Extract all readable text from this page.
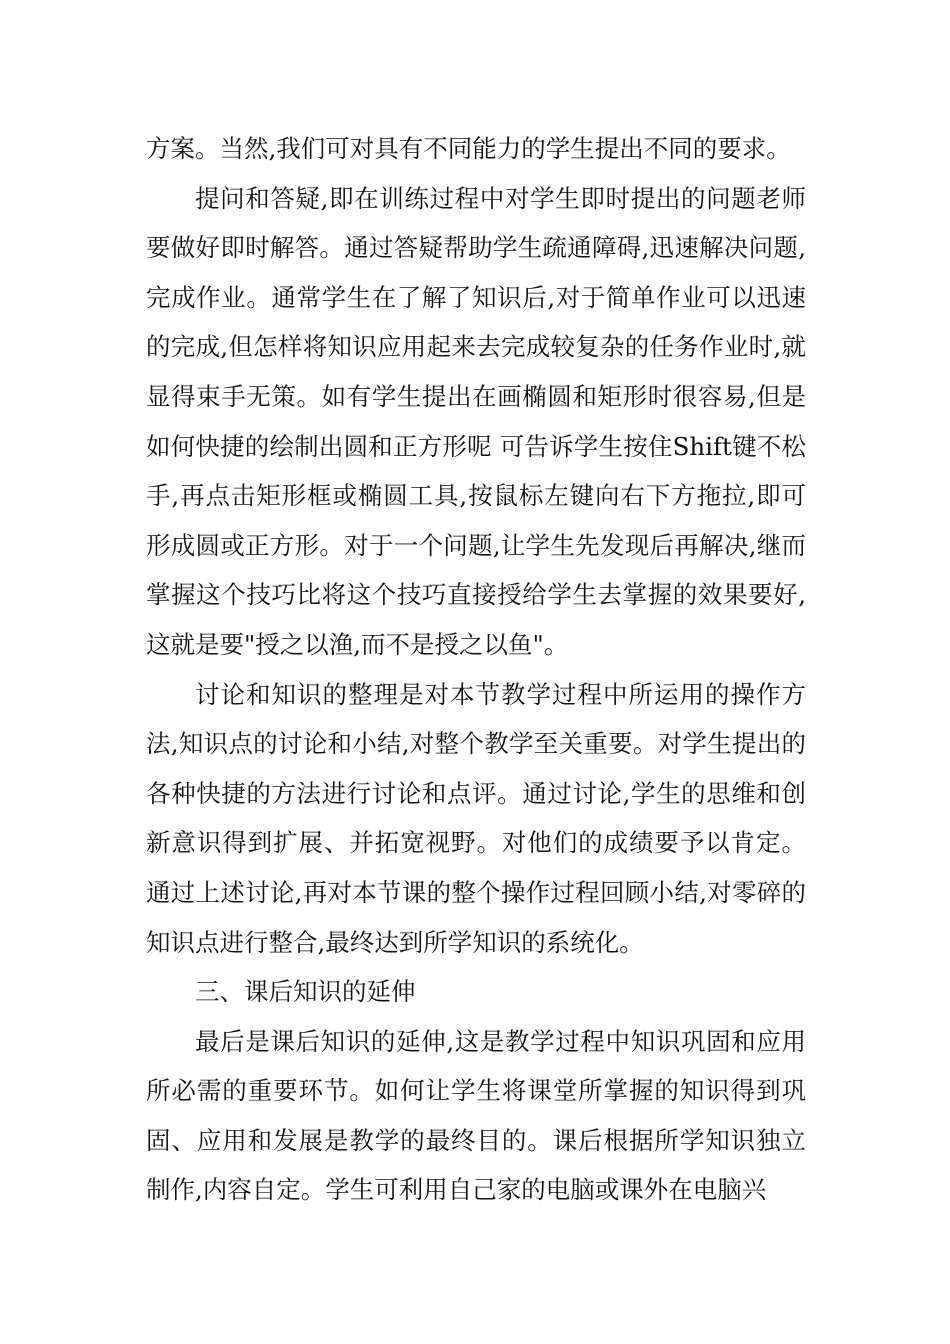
方案。当然,我们可对具有不同能力的学生提出不同的要求。

提问和答疑,即在训练过程中对学生即时提出的问题老师要做好即时解答。通过答疑帮助学生疏通障碍,迅速解决问题,完成作业。通常学生在了解了知识后,对于简单作业可以迅速的完成,但怎样将知识应用起来去完成较复杂的任务作业时,就显得束手无策。如有学生提出在画椭圆和矩形时很容易,但是如何快捷的绘制出圆和正方形呢 可告诉学生按住Shift键不松手,再点击矩形框或椭圆工具,按鼠标左键向右下方拖拉,即可形成圆或正方形。对于一个问题,让学生先发现后再解决,继而掌握这个技巧比将这个技巧直接授给学生去掌握的效果要好,这就是要"授之以渔,而不是授之以鱼"。

讨论和知识的整理是对本节教学过程中所运用的操作方法,知识点的讨论和小结,对整个教学至关重要。对学生提出的各种快捷的方法进行讨论和点评。通过讨论,学生的思维和创新意识得到扩展、并拓宽视野。对他们的成绩要予以肯定。通过上述讨论,再对本节课的整个操作过程回顾小结,对零碎的知识点进行整合,最终达到所学知识的系统化。

三、课后知识的延伸

最后是课后知识的延伸,这是教学过程中知识巩固和应用所必需的重要环节。如何让学生将课堂所掌握的知识得到巩固、应用和发展是教学的最终目的。课后根据所学知识独立制作,内容自定。学生可利用自己家的电脑或课外在电脑兴
